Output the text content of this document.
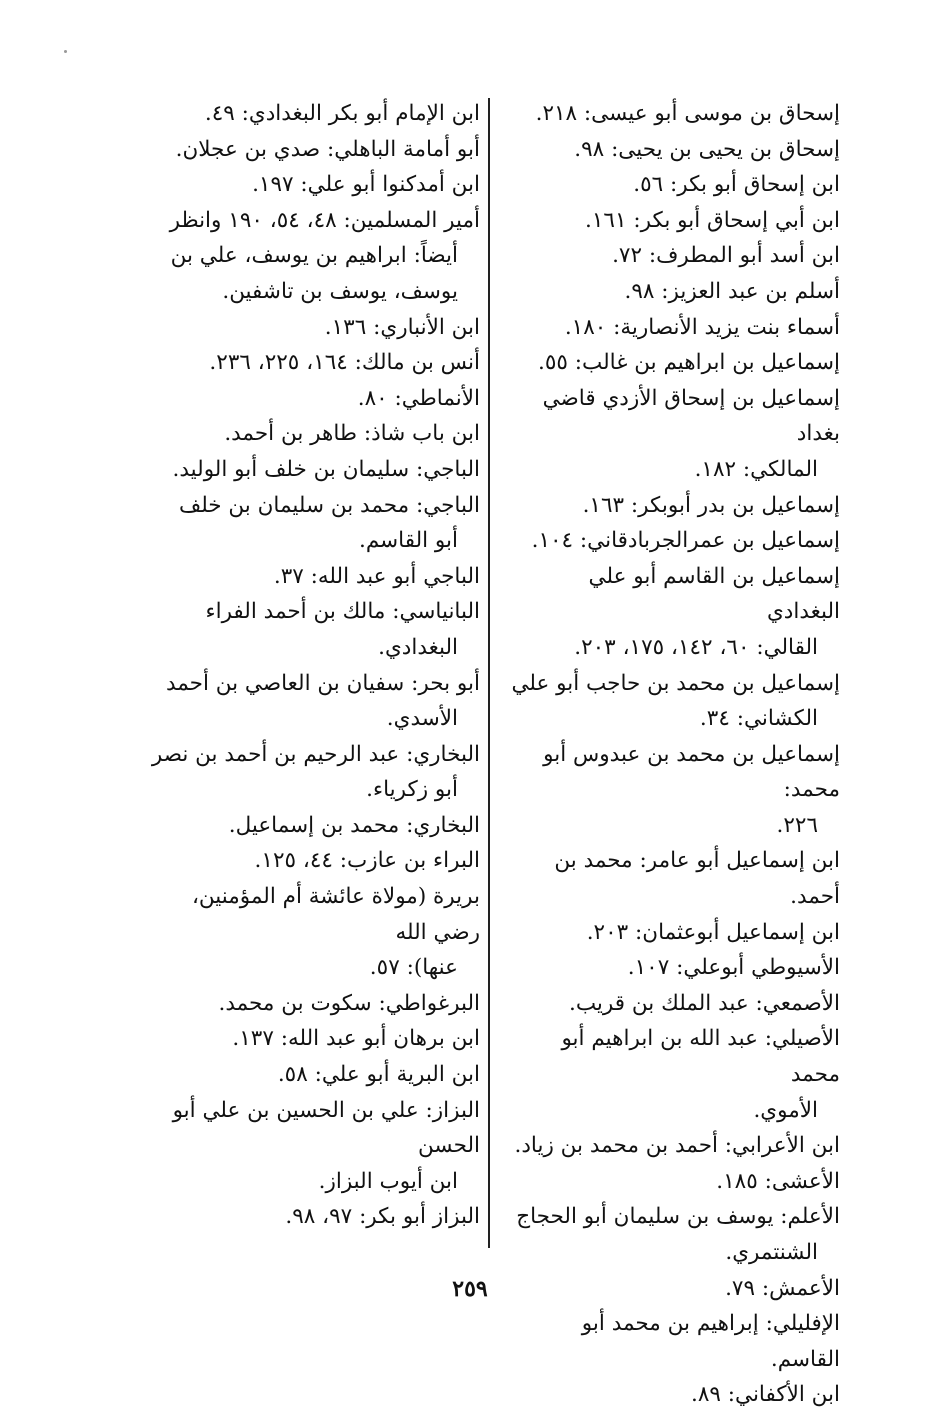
إسحاق بن موسى أبو عيسى: ٢١٨.
إسحاق بن يحيى بن يحيى: ٩٨.
ابن إسحاق أبو بكر: ٥٦.
ابن أبي إسحاق أبو بكر: ١٦١.
ابن أسد أبو المطرف: ٧٢.
أسلم بن عبد العزيز: ٩٨.
أسماء بنت يزيد الأنصارية: ١٨٠.
إسماعيل بن ابراهيم بن غالب: ٥٥.
إسماعيل بن إسحاق الأزدي قاضي بغداد
المالكي: ١٨٢.
إسماعيل بن بدر أبوبكر: ١٦٣.
إسماعيل بن عمرالجربادقاني: ١٠٤.
إسماعيل بن القاسم أبو علي البغدادي
القالي: ٦٠، ١٤٢، ١٧٥، ٢٠٣.
إسماعيل بن محمد بن حاجب أبو علي
الكشاني: ٣٤.
إسماعيل بن محمد بن عبدوس أبو محمد:
٢٢٦.
ابن إسماعيل أبو عامر: محمد بن أحمد.
ابن إسماعيل أبوعثمان: ٢٠٣.
الأسيوطي أبوعلي: ١٠٧.
الأصمعي: عبد الملك بن قريب.
الأصيلي: عبد الله بن ابراهيم أبو محمد
الأموي.
ابن الأعرابي: أحمد بن محمد بن زياد.
الأعشى: ١٨٥.
الأعلم: يوسف بن سليمان أبو الحجاج
الشنتمري.
الأعمش: ٧٩.
الإفليلي: إبراهيم بن محمد أبو القاسم.
ابن الأكفاني: ٨٩.
ابن الإمام أبو بكر البغدادي: ٤٩.
أبو أمامة الباهلي: صدي بن عجلان.
ابن أمدكنوا أبو علي: ١٩٧.
أمير المسلمين: ٤٨، ٥٤، ١٩٠ وانظر
أيضاً: ابراهيم بن يوسف، علي بن
يوسف، يوسف بن تاشفين.
ابن الأنباري: ١٣٦.
أنس بن مالك: ١٦٤، ٢٢٥، ٢٣٦.
الأنماطي: ٨٠.
ابن باب شاذ: طاهر بن أحمد.
الباجي: سليمان بن خلف أبو الوليد.
الباجي: محمد بن سليمان بن خلف
أبو القاسم.
الباجي أبو عبد الله: ٣٧.
البانياسي: مالك بن أحمد الفراء
البغدادي.
أبو بحر: سفيان بن العاصي بن أحمد
الأسدي.
البخاري: عبد الرحيم بن أحمد بن نصر
أبو زكرياء.
البخاري: محمد بن إسماعيل.
البراء بن عازب: ٤٤، ١٢٥.
بريرة (مولاة عائشة أم المؤمنين، رضي الله
عنها): ٥٧.
البرغواطي: سكوت بن محمد.
ابن برهان أبو عبد الله: ١٣٧.
ابن البرية أبو علي: ٥٨.
البزاز: علي بن الحسين بن علي أبو الحسن
ابن أيوب البزاز.
البزاز أبو بكر: ٩٧، ٩٨.
٢٥٩
